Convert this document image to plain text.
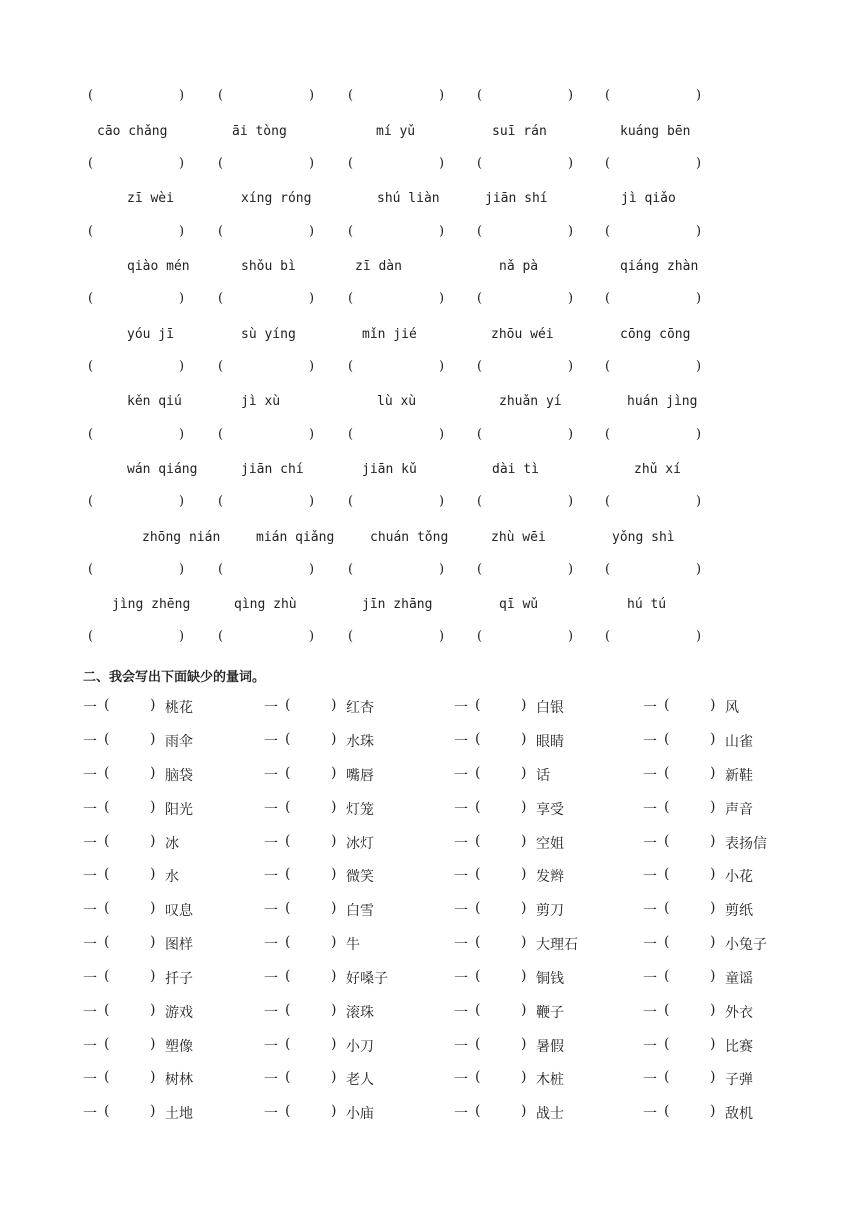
(	)	(	)	(	)	(	) (	)
cāo chǎng	āi tòng	mí yǔ	suī rán	kuáng bēn
(	)	(	)	(	)	(	) (	)
zī wèi	xíng róng	shú liàn	jiān shí	jì qiǎo
(	)	(	)	(	)	(	) (	)
qiào mén	shǒu bì	zī dàn	nǎ pà	qiáng zhàn
(	)	(	)	(	)	(	) (	)
yóu jī	sù yíng	mǐn jié	zhōu wéi	cōng cōng
(	)	(	)	(	)	(	) (	)
kěn qiú	jì xù	lù xù	zhuǎn yí	huán jìng
(	)	(	)	(	)	(	) (	)
wán qiáng	jiān chí	jiān kǔ	dài tì	zhǔ xí
(	)	(	)	(	)	(	) (	)
zhōng nián	mián qiǎng	chuán tǒng	zhù wēi	yǒng shì
(	)	(	)	(	)	(	) (	)
jìng zhēng	qìng zhù	jīn zhāng	qī wǔ	hú tú
(	)	(	)	(	)	(	) (	)
二、我会写出下面缺少的量词。
一 (	) 桃花	一 (	) 红杏	一 (	) 白银	一 (	) 风
一 (	) 雨伞	一 (	) 水珠	一 (	) 眼睛	一 (	) 山雀
一 (	) 脑袋	一 (	) 嘴唇	一 (	) 话	一 (	) 新鞋
一 (	) 阳光	一 (	) 灯笼	一 (	) 享受	一 (	) 声音
一 (	) 冰	一 (	) 冰灯	一 (	) 空姐	一 (	) 表扬信
一 (	) 水	一 (	) 微笑	一 (	) 发辫	一 (	) 小花
一 (	) 叹息	一 (	) 白雪	一 (	) 剪刀	一 (	) 剪纸
一 (	) 图样	一 (	) 牛	一 (	) 大理石	一 (	) 小兔子
一 (	) 扦子	一 (	) 好嗓子	一 (	) 铜钱	一 (	) 童谣
一 (	) 游戏	一 (	) 滚珠	一 (	) 鞭子	一 (	) 外衣
一 (	) 塑像	一 (	) 小刀	一 (	) 暑假	一 (	) 比赛
一 (	) 树林	一 (	) 老人	一 (	) 木桩	一 (	) 子弹
一 (	) 土地	一 (	) 小庙	一 (	) 战士	一 (	) 敌机
